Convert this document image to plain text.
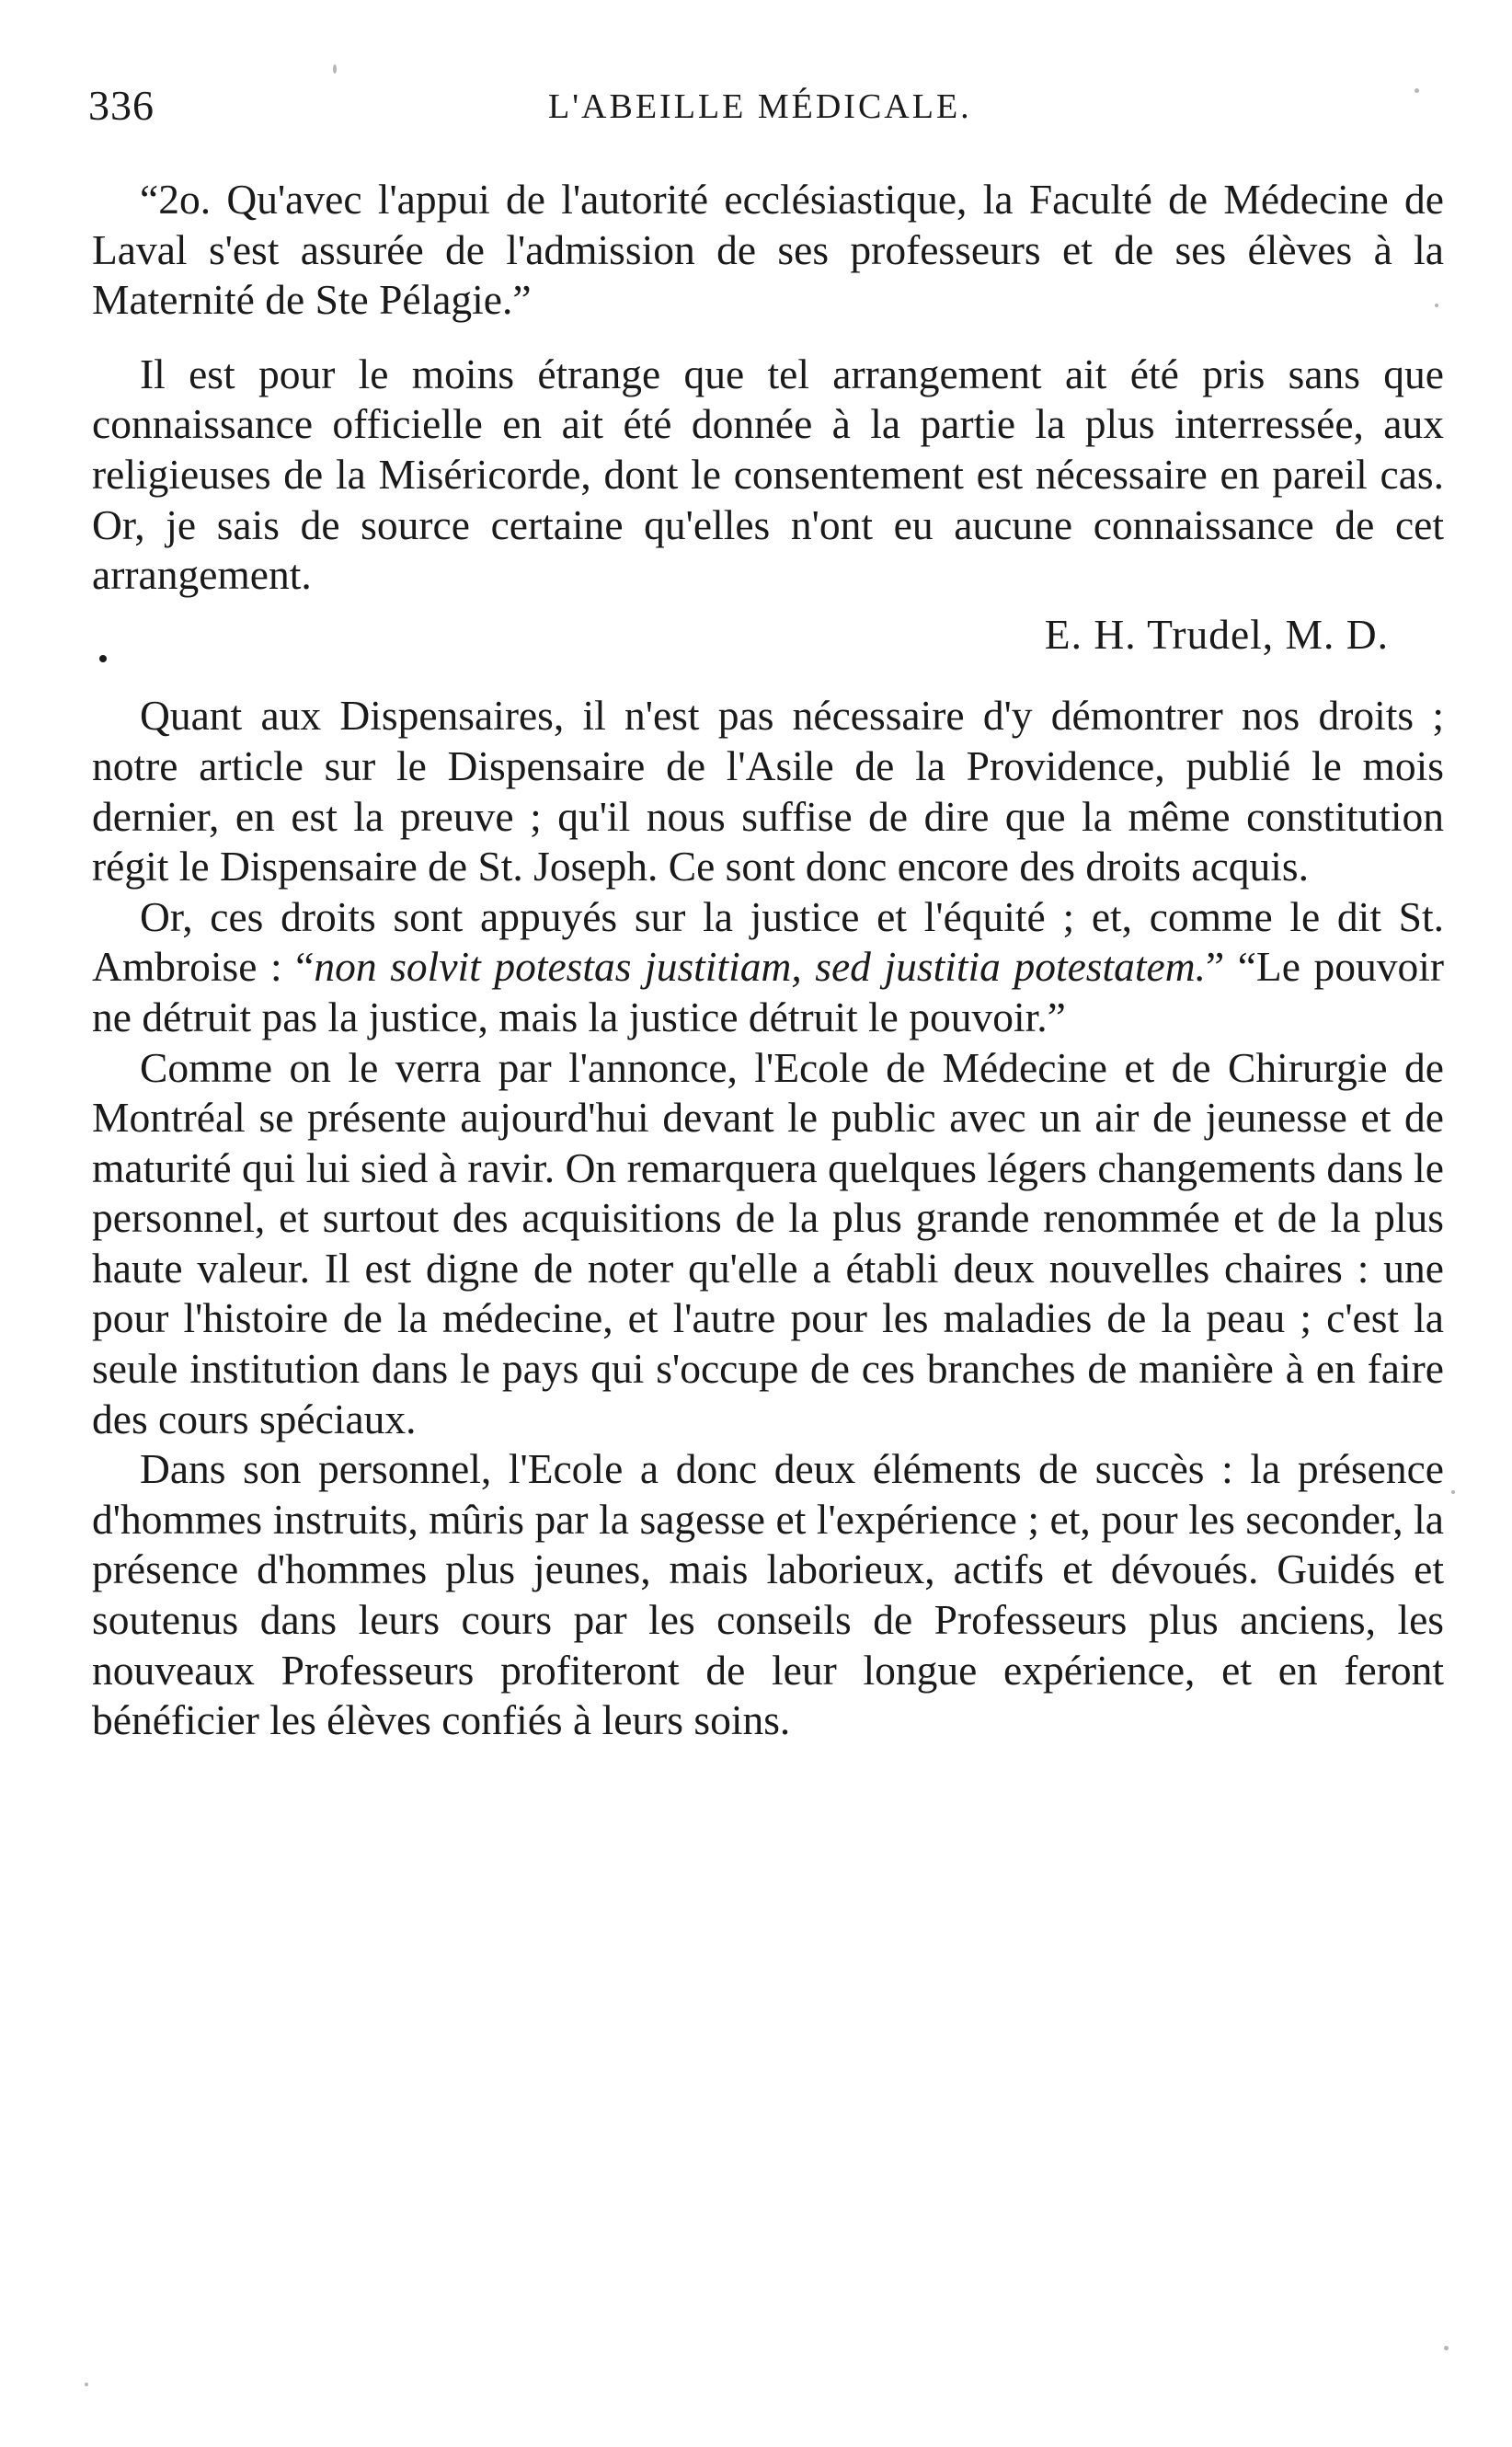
336	L'ABEILLE MÉDICALE.

“2o. Qu'avec l'appui de l'autorité ecclésiastique, la Faculté de Médecine de Laval s'est assurée de l'admission de ses professeurs et de ses élèves à la Maternité de Ste Pélagie.”

Il est pour le moins étrange que tel arrangement ait été pris sans que connaissance officielle en ait été donnée à la partie la plus interressée, aux religieuses de la Miséricorde, dont le consentement est nécessaire en pareil cas. Or, je sais de source certaine qu'elles n'ont eu aucune connaissance de cet arrangement.

E. H. Trudel, M. D.

Quant aux Dispensaires, il n'est pas nécessaire d'y démontrer nos droits ; notre article sur le Dispensaire de l'Asile de la Providence, publié le mois dernier, en est la preuve ; qu'il nous suffise de dire que la même constitution régit le Dispensaire de St. Joseph. Ce sont donc encore des droits acquis.

Or, ces droits sont appuyés sur la justice et l'équité ; et, comme le dit St. Ambroise : “non solvit potestas justitiam, sed justitia potestatem.” “Le pouvoir ne détruit pas la justice, mais la justice détruit le pouvoir.”

Comme on le verra par l'annonce, l'Ecole de Médecine et de Chirurgie de Montréal se présente aujourd'hui devant le public avec un air de jeunesse et de maturité qui lui sied à ravir. On remarquera quelques légers changements dans le personnel, et surtout des acquisitions de la plus grande renommée et de la plus haute valeur. Il est digne de noter qu'elle a établi deux nouvelles chaires : une pour l'histoire de la médecine, et l'autre pour les maladies de la peau ; c'est la seule institution dans le pays qui s'occupe de ces branches de manière à en faire des cours spéciaux.

Dans son personnel, l'Ecole a donc deux éléments de succès : la présence d'hommes instruits, mûris par la sagesse et l'expérience ; et, pour les seconder, la présence d'hommes plus jeunes, mais laborieux, actifs et dévoués. Guidés et soutenus dans leurs cours par les conseils de Professeurs plus anciens, les nouveaux Professeurs profiteront de leur longue expérience, et en feront bénéficier les élèves confiés à leurs soins.
